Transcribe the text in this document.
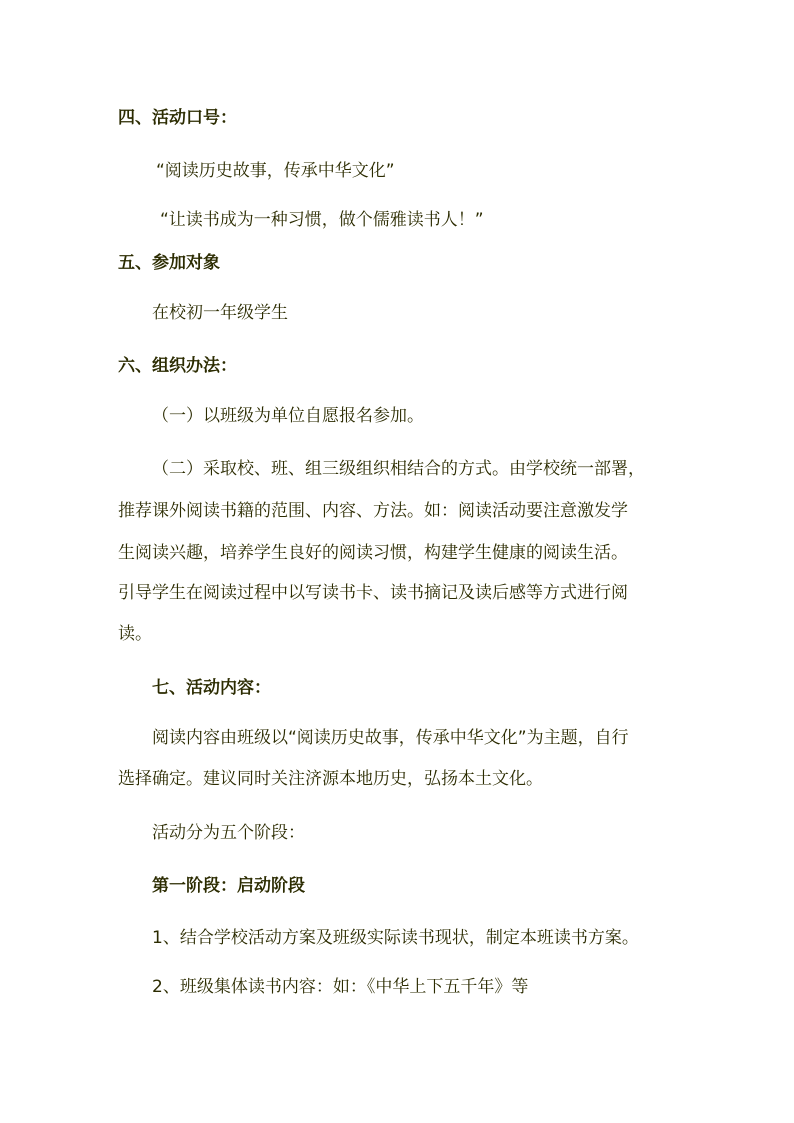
四、活动口号：
“阅读历史故事，传承中华文化”
“让读书成为一种习惯，做个儒雅读书人！”
五、参加对象
在校初一年级学生
六、组织办法：
（一）以班级为单位自愿报名参加。
（二）采取校、班、组三级组织相结合的方式。由学校统一部署，
推荐课外阅读书籍的范围、内容、方法。如：阅读活动要注意激发学
生阅读兴趣，培养学生良好的阅读习惯，构建学生健康的阅读生活。
引导学生在阅读过程中以写读书卡、读书摘记及读后感等方式进行阅
读。
七、活动内容：
阅读内容由班级以“阅读历史故事，传承中华文化”为主题，自行
选择确定。建议同时关注济源本地历史，弘扬本土文化。
活动分为五个阶段：
第一阶段：启动阶段
1、结合学校活动方案及班级实际读书现状，制定本班读书方案。
2、班级集体读书内容：如：《中华上下五千年》等
